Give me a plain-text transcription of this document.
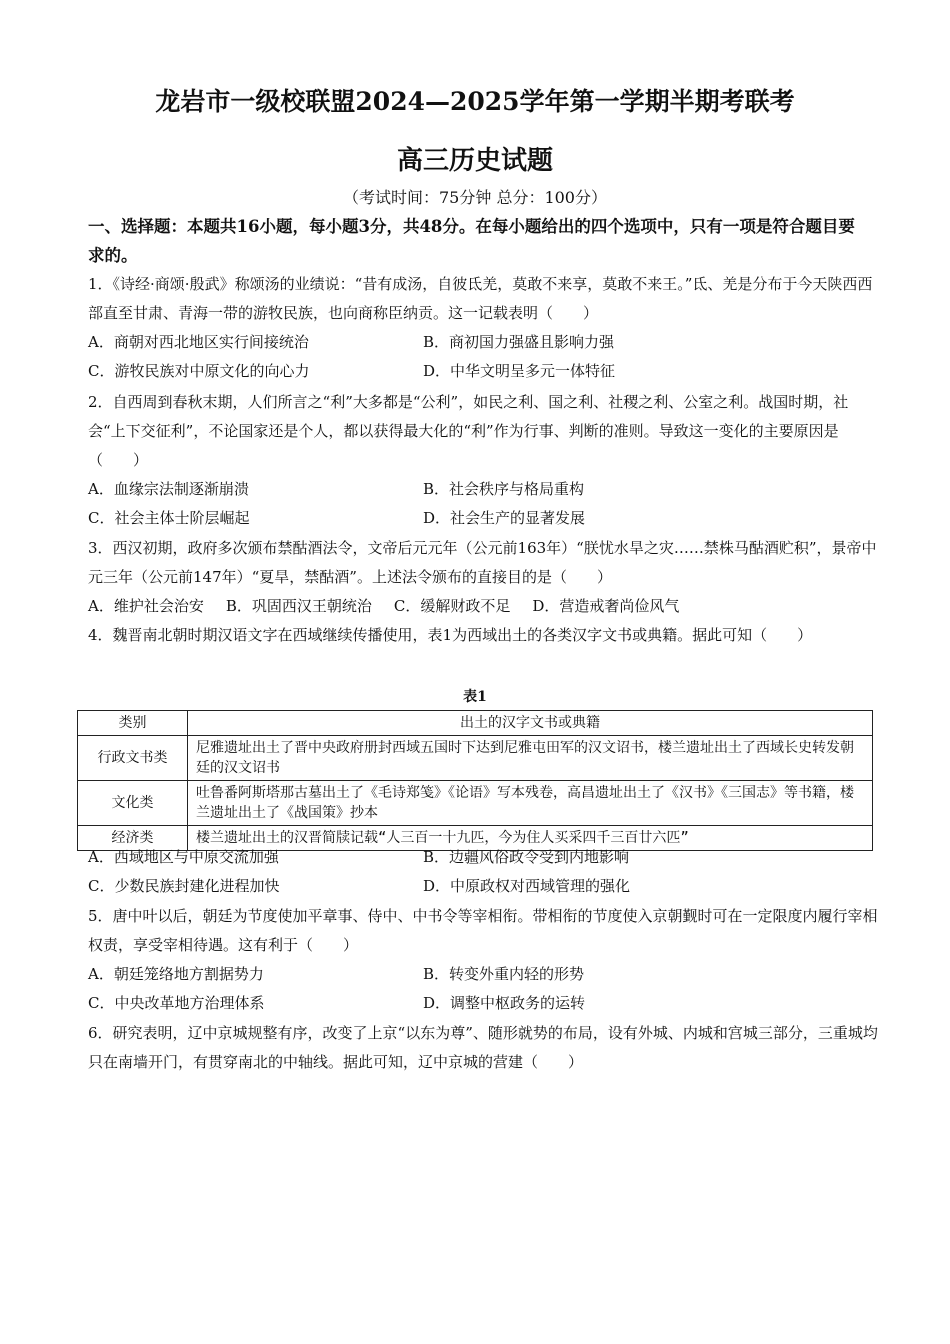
龙岩市一级校联盟2024—2025学年第一学期半期考联考
高三历史试题
（考试时间：75分钟 总分：100分）
一、选择题：本题共16小题，每小题3分，共48分。在每小题给出的四个选项中，只有一项是符合题目要求的。
1．《诗经·商颂·殷武》称颂汤的业绩说：“昔有成汤，自彼氐羌，莫敢不来享，莫敢不来王。”氐、羌是分布于今天陕西西部直至甘肃、青海一带的游牧民族，也向商称臣纳贡。这一记载表明（　　）
A．商朝对西北地区实行间接统治	B．商初国力强盛且影响力强
C．游牧民族对中原文化的向心力	D．中华文明呈多元一体特征
2．自西周到春秋末期，人们所言之“利”大多都是“公利”，如民之利、国之利、社稷之利、公室之利。战国时期，社会“上下交征利”，不论国家还是个人，都以获得最大化的“利”作为行事、判断的准则。导致这一变化的主要原因是（　　）
A．血缘宗法制逐渐崩溃	B．社会秩序与格局重构
C．社会主体士阶层崛起	D．社会生产的显著发展
3．西汉初期，政府多次颁布禁酤酒法令，文帝后元元年（公元前163年）“朕忧水旱之灾……禁株马酤酒贮积”，景帝中元三年（公元前147年）“夏旱，禁酤酒”。上述法令颁布的直接目的是（　　）
A．维护社会治安 B．巩固西汉王朝统治 C．缓解财政不足 D．营造戒奢尚俭风气
4．魏晋南北朝时期汉语文字在西域继续传播使用，表1为西域出土的各类汉字文书或典籍。据此可知（　　）
表1
类别	出土的汉字文书或典籍
行政文书类	尼雅遗址出土了晋中央政府册封西域五国时下达到尼雅屯田军的汉文诏书，楼兰遗址出土了西域长史转发朝廷的汉文诏书
文化类	吐鲁番阿斯塔那古墓出土了《毛诗郑笺》《论语》写本残卷，高昌遗址出土了《汉书》《三国志》等书籍，楼兰遗址出土了《战国策》抄本
经济类	楼兰遗址出土的汉晋简牍记载“人三百一十九匹，今为住人买采四千三百廿六匹”
A．西域地区与中原交流加强	B．边疆风俗政令受到内地影响
C．少数民族封建化进程加快	D．中原政权对西域管理的强化
5．唐中叶以后，朝廷为节度使加平章事、侍中、中书令等宰相衔。带相衔的节度使入京朝觐时可在一定限度内履行宰相权责，享受宰相待遇。这有利于（　　）
A．朝廷笼络地方割据势力	B．转变外重内轻的形势
C．中央改革地方治理体系	D．调整中枢政务的运转
6．研究表明，辽中京城规整有序，改变了上京“以东为尊”、随形就势的布局，设有外城、内城和宫城三部分，三重城均只在南墙开门，有贯穿南北的中轴线。据此可知，辽中京城的营建（　　）
